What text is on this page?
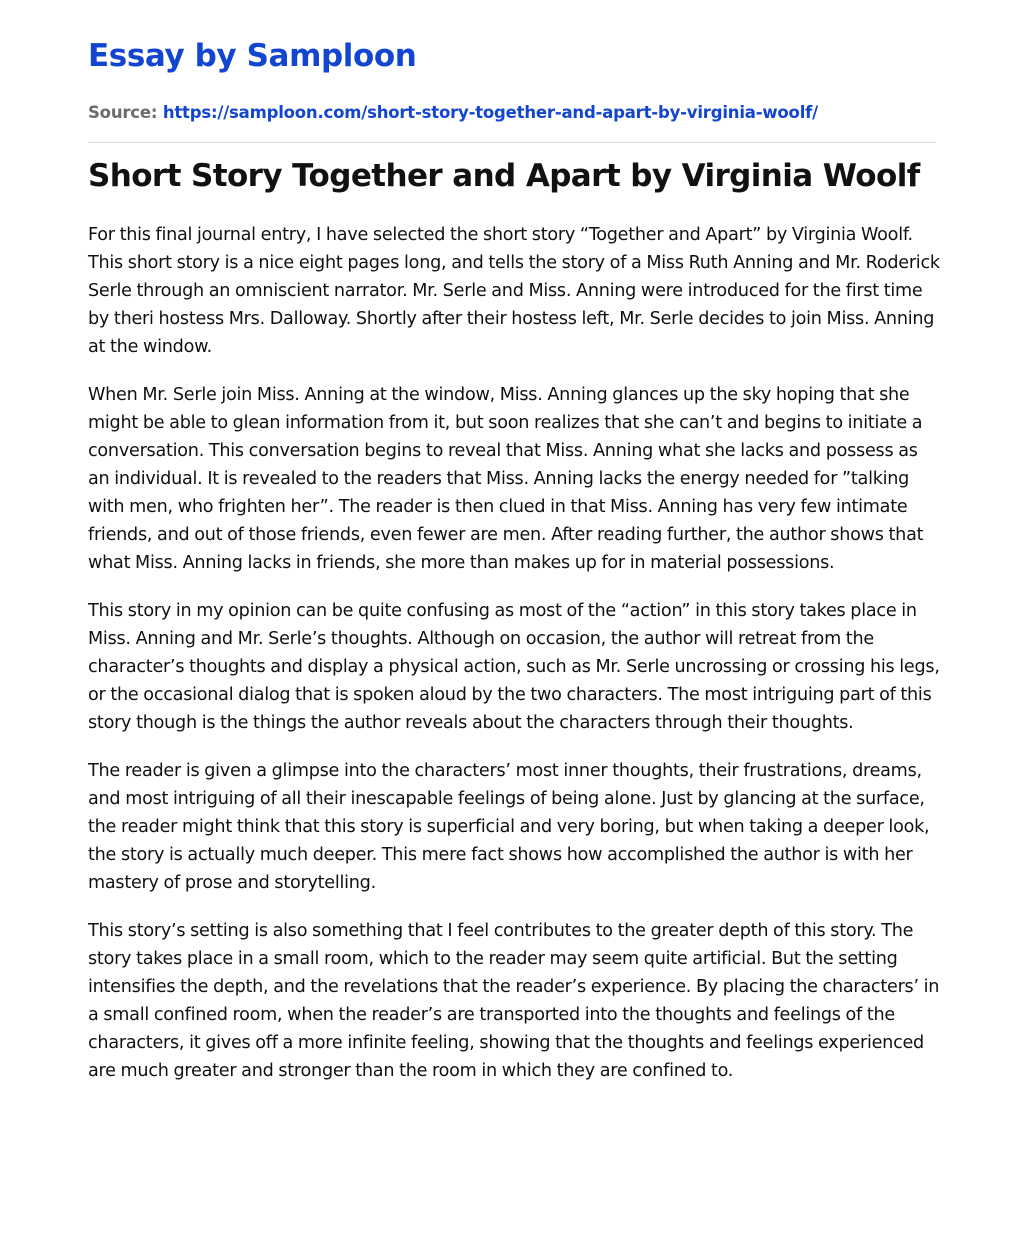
Essay by Samploon
Source: https://samploon.com/short-story-together-and-apart-by-virginia-woolf/
Short Story Together and Apart by Virginia Woolf

For this final journal entry, I have selected the short story “Together and Apart” by Virginia Woolf. This short story is a nice eight pages long, and tells the story of a Miss Ruth Anning and Mr. Roderick Serle through an omniscient narrator. Mr. Serle and Miss. Anning were introduced for the first time by theri hostess Mrs. Dalloway. Shortly after their hostess left, Mr. Serle decides to join Miss. Anning at the window.

When Mr. Serle join Miss. Anning at the window, Miss. Anning glances up the sky hoping that she might be able to glean information from it, but soon realizes that she can’t and begins to initiate a conversation. This conversation begins to reveal that Miss. Anning what she lacks and possess as an individual. It is revealed to the readers that Miss. Anning lacks the energy needed for ”talking with men, who frighten her”. The reader is then clued in that Miss. Anning has very few intimate friends, and out of those friends, even fewer are men. After reading further, the author shows that what Miss. Anning lacks in friends, she more than makes up for in material possessions.

This story in my opinion can be quite confusing as most of the “action” in this story takes place in Miss. Anning and Mr. Serle’s thoughts. Although on occasion, the author will retreat from the character’s thoughts and display a physical action, such as Mr. Serle uncrossing or crossing his legs, or the occasional dialog that is spoken aloud by the two characters. The most intriguing part of this story though is the things the author reveals about the characters through their thoughts.

The reader is given a glimpse into the characters’ most inner thoughts, their frustrations, dreams, and most intriguing of all their inescapable feelings of being alone. Just by glancing at the surface, the reader might think that this story is superficial and very boring, but when taking a deeper look, the story is actually much deeper. This mere fact shows how accomplished the author is with her mastery of prose and storytelling.

This story’s setting is also something that I feel contributes to the greater depth of this story. The story takes place in a small room, which to the reader may seem quite artificial. But the setting intensifies the depth, and the revelations that the reader’s experience. By placing the characters’ in a small confined room, when the reader’s are transported into the thoughts and feelings of the characters, it gives off a more infinite feeling, showing that the thoughts and feelings experienced are much greater and stronger than the room in which they are confined to.
